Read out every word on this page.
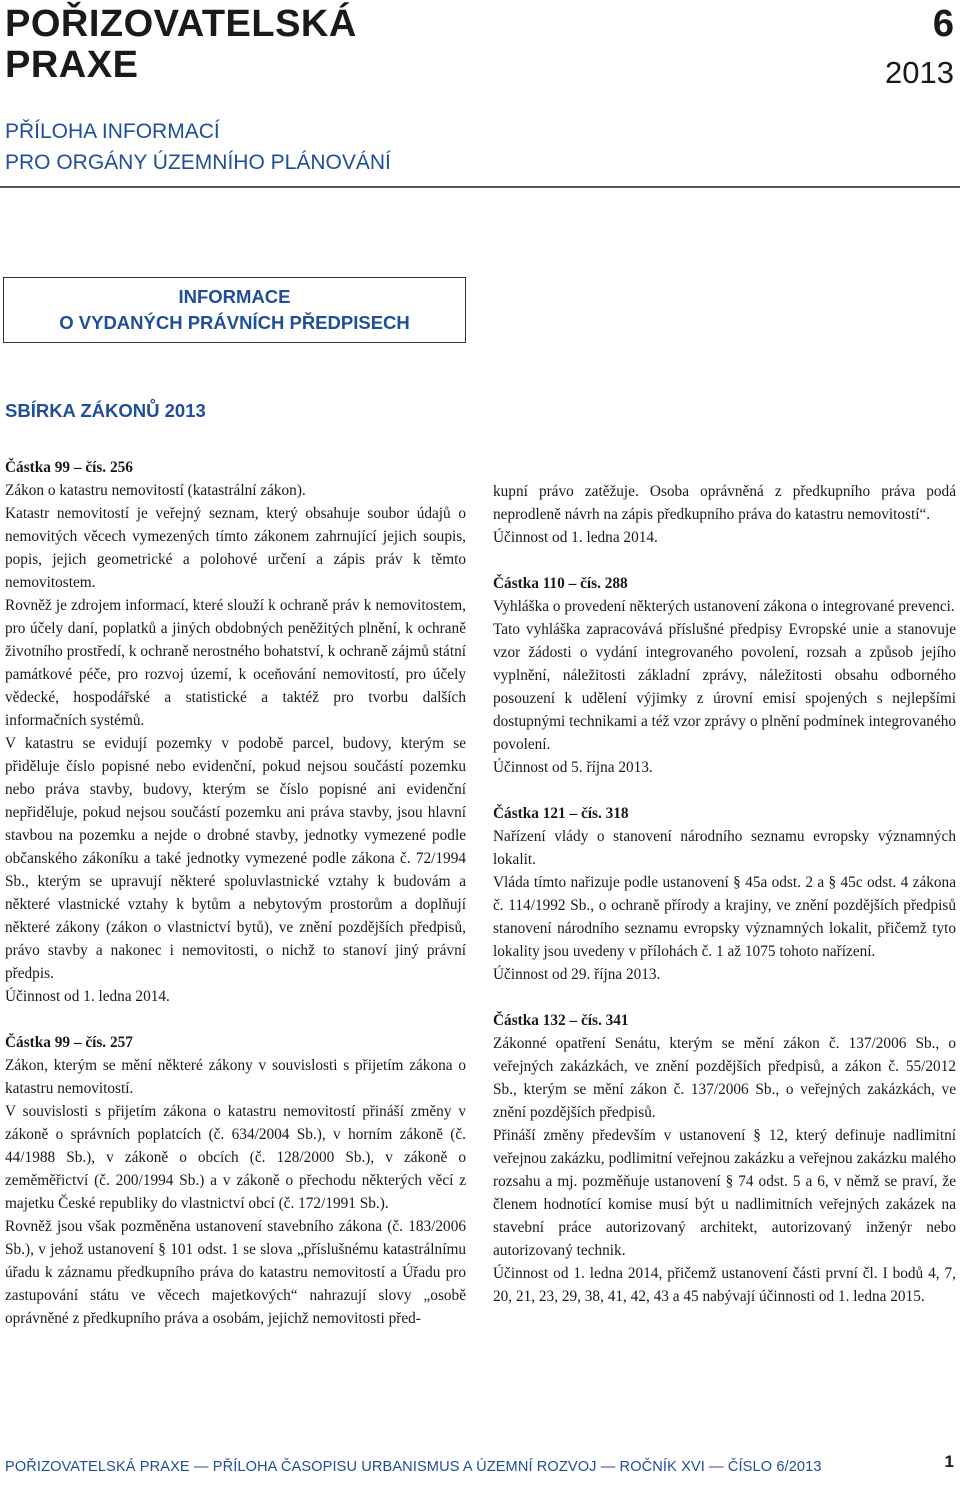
POŘIZOVATELSKÁ
PRAXE
6
2013
PŘÍLOHA INFORMACÍ
PRO ORGÁNY ÚZEMNÍHO PLÁNOVÁNÍ
INFORMACE
O VYDANÝCH PRÁVNÍCH PŘEDPISECH
SBÍRKA ZÁKONŮ 2013

Částka 99 – čís. 256

Zákon o katastru nemovitostí (katastrální zákon).

Katastr nemovitostí je veřejný seznam, který obsahuje soubor údajů o nemovitých věcech vymezených tímto zákonem zahrnující jejich soupis, popis, jejich geometrické a polohové určení a zápis práv k těmto nemovitostem.

Rovněž je zdrojem informací, které slouží k ochraně práv k nemovitostem, pro účely daní, poplatků a jiných obdobných peněžitých plnění, k ochraně životního prostředí, k ochraně nerostného bohatství, k ochraně zájmů státní památkové péče, pro rozvoj území, k oceňování nemovitostí, pro účely vědecké, hospodářské a statistické a taktéž pro tvorbu dalších informačních systémů.

V katastru se evidují pozemky v podobě parcel, budovy, kterým se přiděluje číslo popisné nebo evidenční, pokud nejsou součástí pozemku nebo práva stavby, budovy, kterým se číslo popisné ani evidenční nepřiděluje, pokud nejsou součástí pozemku ani práva stavby, jsou hlavní stavbou na pozemku a nejde o drobné stavby, jednotky vymezené podle občanského zákoníku a také jednotky vymezené podle zákona č. 72/1994 Sb., kterým se upravují některé spoluvlastnické vztahy k budovám a některé vlastnické vztahy k bytům a nebytovým prostorům a doplňují některé zákony (zákon o vlastnictví bytů), ve znění pozdějších předpisů, právo stavby a nakonec i nemovitosti, o nichž to stanoví jiný právní předpis.

Účinnost od 1. ledna 2014.

Částka 99 – čís. 257

Zákon, kterým se mění některé zákony v souvislosti s přijetím zákona o katastru nemovitostí.

V souvislosti s přijetím zákona o katastru nemovitostí přináší změny v zákoně o správních poplatcích (č. 634/2004 Sb.), v horním zákoně (č. 44/1988 Sb.), v zákoně o obcích (č. 128/2000 Sb.), v zákoně o zeměměřictví (č. 200/1994 Sb.) a v zákoně o přechodu některých věcí z majetku České republiky do vlastnictví obcí (č. 172/1991 Sb.).

Rovněž jsou však pozměněna ustanovení stavebního zákona (č. 183/2006 Sb.), v jehož ustanovení § 101 odst. 1 se slova „příslušnému katastrálnímu úřadu k záznamu předkupního práva do katastru nemovitostí a Úřadu pro zastupování státu ve věcech majetkových“ nahrazují slovy „osobě oprávněné z předkupního práva a osobám, jejichž nemovitosti před-

kupní právo zatěžuje. Osoba oprávněná z předkupního práva podá neprodleně návrh na zápis předkupního práva do katastru nemovitostí“.

Účinnost od 1. ledna 2014.

Částka 110 – čís. 288

Vyhláška o provedení některých ustanovení zákona o integrované prevenci.

Tato vyhláška zapracovává příslušné předpisy Evropské unie a stanovuje vzor žádosti o vydání integrovaného povolení, rozsah a způsob jejího vyplnění, náležitosti základní zprávy, náležitosti obsahu odborného posouzení k udělení výjimky z úrovní emisí spojených s nejlepšími dostupnými technikami a též vzor zprávy o plnění podmínek integrovaného povolení.

Účinnost od 5. října 2013.

Částka 121 – čís. 318

Nařízení vlády o stanovení národního seznamu evropsky významných lokalit.

Vláda tímto nařizuje podle ustanovení § 45a odst. 2 a § 45c odst. 4 zákona č. 114/1992 Sb., o ochraně přírody a krajiny, ve znění pozdějších předpisů stanovení národního seznamu evropsky významných lokalit, přičemž tyto lokality jsou uvedeny v přílohách č. 1 až 1075 tohoto nařízení.

Účinnost od 29. října 2013.

Částka 132 – čís. 341

Zákonné opatření Senátu, kterým se mění zákon č. 137/2006 Sb., o veřejných zakázkách, ve znění pozdějších předpisů, a zákon č. 55/2012 Sb., kterým se mění zákon č. 137/2006 Sb., o veřejných zakázkách, ve znění pozdějších předpisů.

Přináší změny především v ustanovení § 12, který definuje nadlimitní veřejnou zakázku, podlimitní veřejnou zakázku a veřejnou zakázku malého rozsahu a mj. pozměňuje ustanovení § 74 odst. 5 a 6, v němž se praví, že členem hodnotící komise musí být u nadlimitních veřejných zakázek na stavební práce autorizovaný architekt, autorizovaný inženýr nebo autorizovaný technik.

Účinnost od 1. ledna 2014, přičemž ustanovení části první čl. I bodů 4, 7, 20, 21, 23, 29, 38, 41, 42, 43 a 45 nabývají účinnosti od 1. ledna 2015.

POŘIZOVATELSKÁ PRAXE — PŘÍLOHA ČASOPISU URBANISMUS A ÚZEMNÍ ROZVOJ — ROČNÍK XVI — ČÍSLO 6/2013	1
